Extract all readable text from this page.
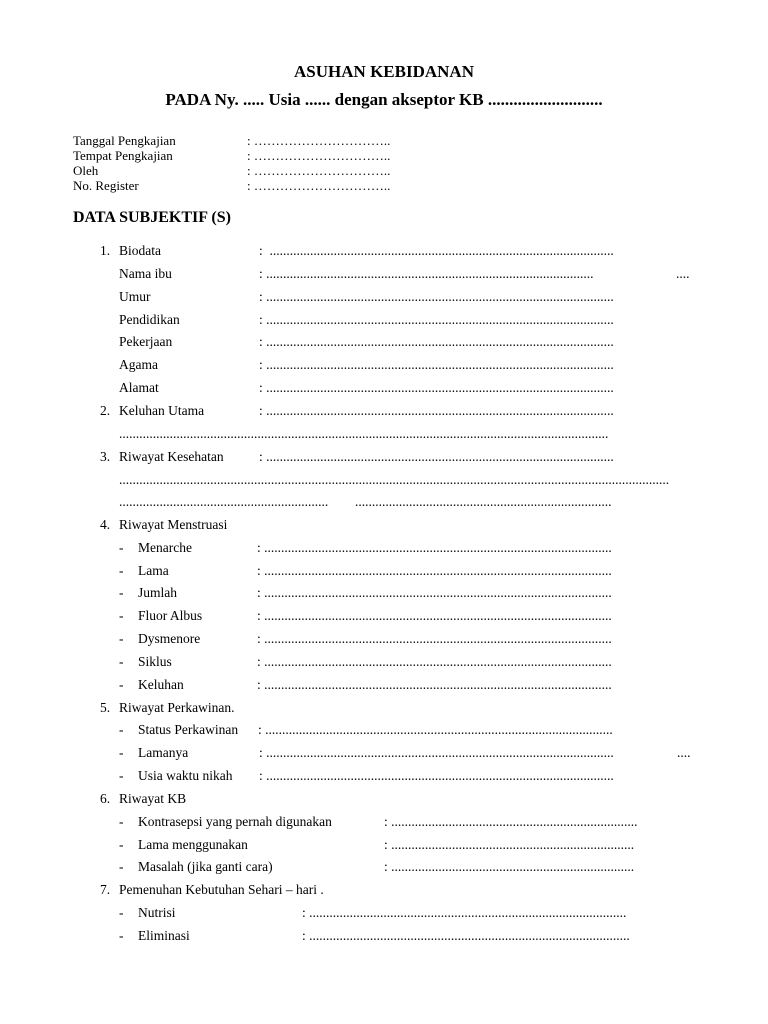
ASUHAN KEBIDANAN
PADA Ny. ..... Usia ...... dengan akseptor KB ...........................
Tanggal Pengkajian	: …………………………..
Tempat Pengkajian	: …………………………..
Oleh	: …………………………..
No. Register	: …………………………..
DATA SUBJEKTIF (S)
1. Biodata	:  ......................................................................................................
Nama ibu	: .................................................................................................	....
Umur	: .......................................................................................................
Pendidikan	: .......................................................................................................
Pekerjaan	: .......................................................................................................
Agama	: .......................................................................................................
Alamat	: .......................................................................................................
2. Keluhan Utama	: .......................................................................................................
.................................................................................................................................................
3. Riwayat Kesehatan	: .......................................................................................................
...................................................................................................................................................................
.............................................................. ............................................................................
4. Riwayat Menstruasi
- Menarche	: .......................................................................................................
- Lama	: .......................................................................................................
- Jumlah	: .......................................................................................................
- Fluor Albus	: .......................................................................................................
- Dysmenore	: .......................................................................................................
- Siklus	: .......................................................................................................
- Keluhan	: .......................................................................................................
5. Riwayat Perkawinan.
- Status Perkawinan : .......................................................................................................
- Lamanya	: .......................................................................................................	....
- Usia waktu nikah : .......................................................................................................
6. Riwayat KB
- Kontrasepsi yang pernah digunakan	: .........................................................................
- Lama menggunakan	: ........................................................................
- Masalah (jika ganti cara)	: ........................................................................
7. Pemenuhan Kebutuhan Sehari – hari .
- Nutrisi	: ..............................................................................................
- Eliminasi	: ...............................................................................................
